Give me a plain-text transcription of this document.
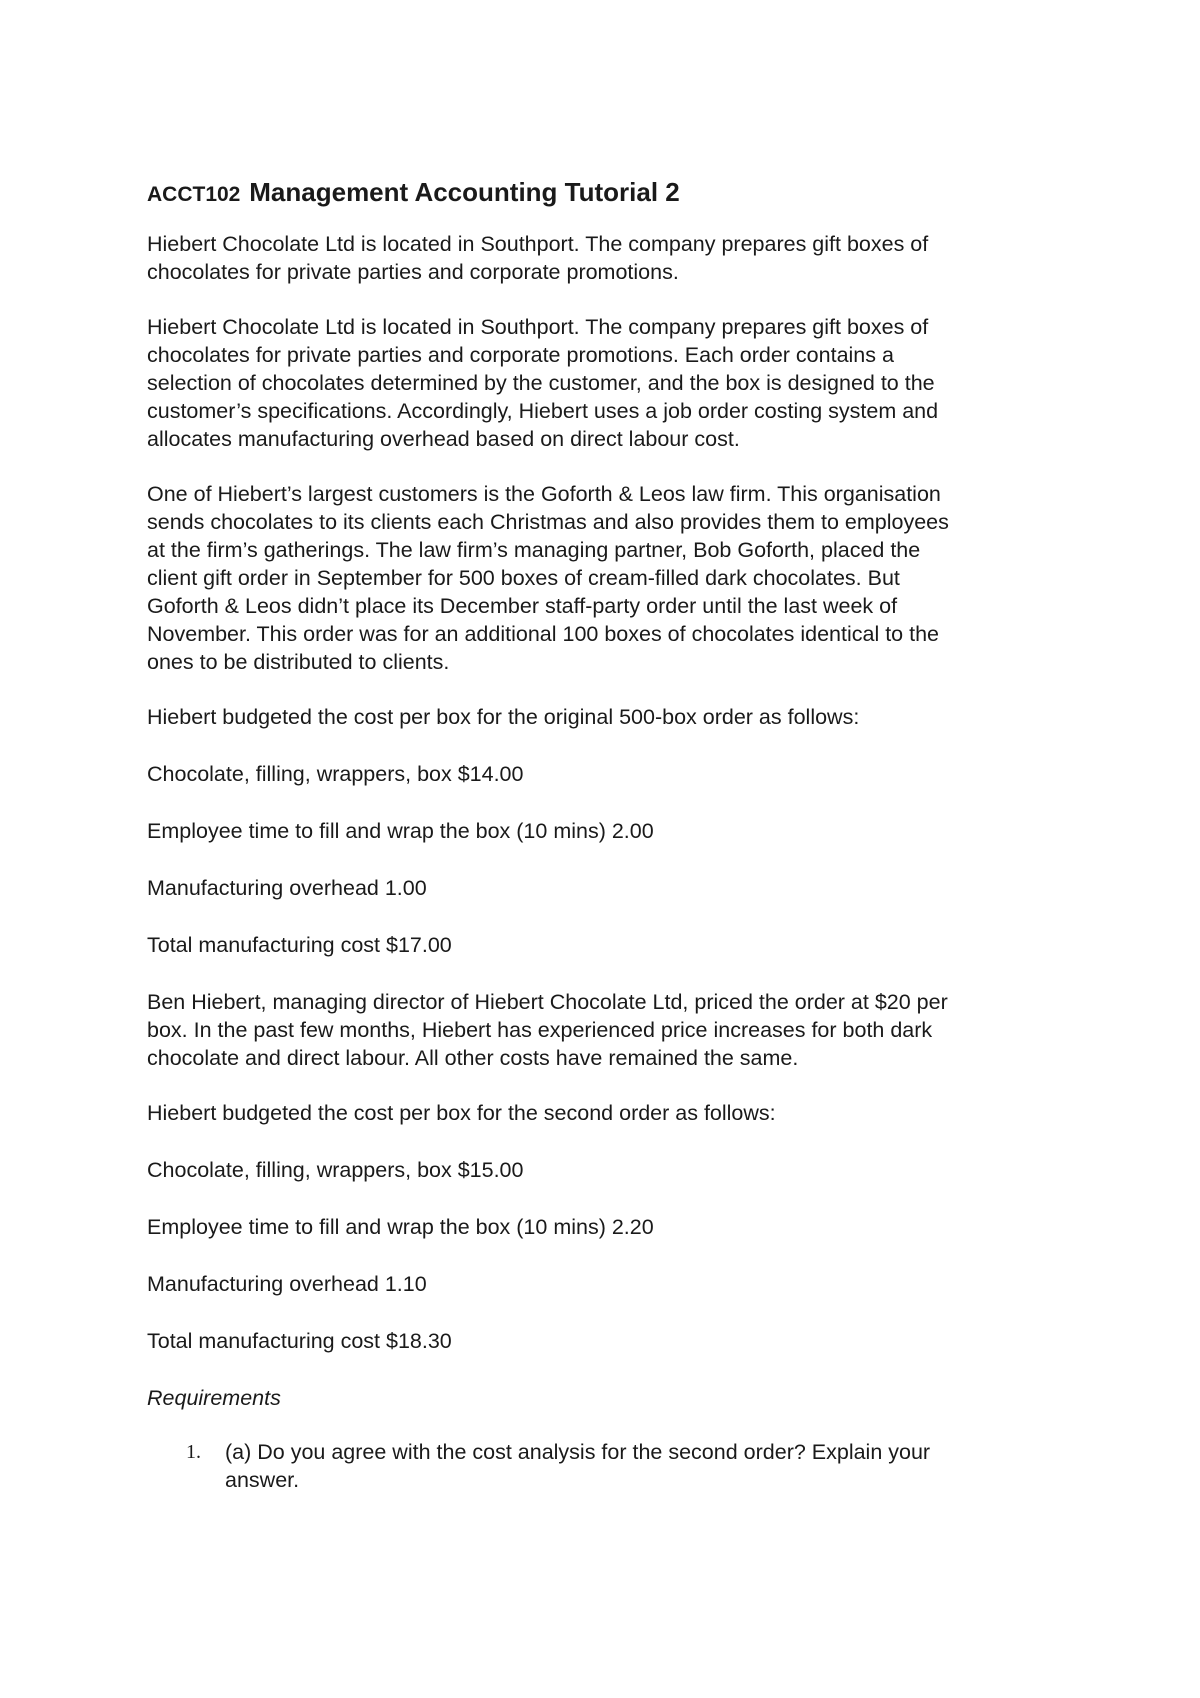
ACCT102 Management Accounting Tutorial 2

Hiebert Chocolate Ltd is located in Southport. The company prepares gift boxes of
chocolates for private parties and corporate promotions.

Hiebert Chocolate Ltd is located in Southport. The company prepares gift boxes of
chocolates for private parties and corporate promotions. Each order contains a
selection of chocolates determined by the customer, and the box is designed to the
customer’s specifications. Accordingly, Hiebert uses a job order costing system and
allocates manufacturing overhead based on direct labour cost.

One of Hiebert’s largest customers is the Goforth & Leos law firm. This organisation
sends chocolates to its clients each Christmas and also provides them to employees
at the firm’s gatherings. The law firm’s managing partner, Bob Goforth, placed the
client gift order in September for 500 boxes of cream-filled dark chocolates. But
Goforth & Leos didn’t place its December staff-party order until the last week of
November. This order was for an additional 100 boxes of chocolates identical to the
ones to be distributed to clients.

Hiebert budgeted the cost per box for the original 500-box order as follows:

Chocolate, filling, wrappers, box $14.00

Employee time to fill and wrap the box (10 mins) 2.00

Manufacturing overhead 1.00

Total manufacturing cost $17.00

Ben Hiebert, managing director of Hiebert Chocolate Ltd, priced the order at $20 per
box. In the past few months, Hiebert has experienced price increases for both dark
chocolate and direct labour. All other costs have remained the same.

Hiebert budgeted the cost per box for the second order as follows:

Chocolate, filling, wrappers, box $15.00

Employee time to fill and wrap the box (10 mins) 2.20

Manufacturing overhead 1.10

Total manufacturing cost $18.30

Requirements

1.	(a) Do you agree with the cost analysis for the second order? Explain your
answer.
